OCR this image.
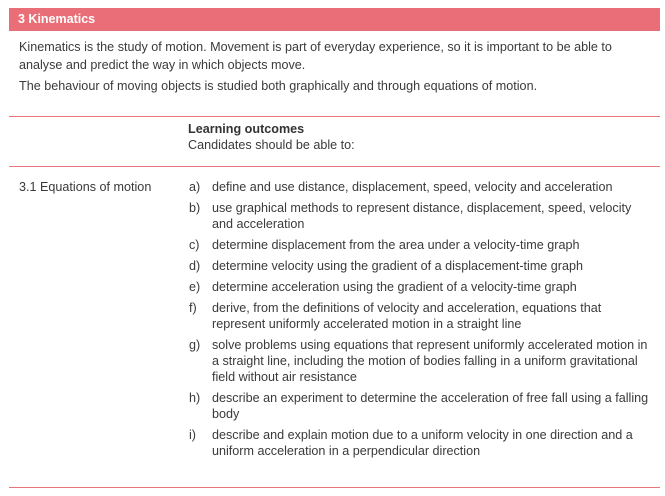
3 Kinematics

Kinematics is the study of motion. Movement is part of everyday experience, so it is important to be able to analyse and predict the way in which objects move.

The behaviour of moving objects is studied both graphically and through equations of motion.

Learning outcomes
Candidates should be able to:
3.1 Equations of motion	a) define and use distance, displacement, speed, velocity and acceleration
b) use graphical methods to represent distance, displacement, speed, velocity and acceleration
c) determine displacement from the area under a velocity-time graph
d) determine velocity using the gradient of a displacement-time graph
e) determine acceleration using the gradient of a velocity-time graph
f)	derive, from the definitions of velocity and acceleration, equations that represent uniformly accelerated motion in a straight line
g) solve problems using equations that represent uniformly accelerated motion in a straight line, including the motion of bodies falling in a uniform gravitational field without air resistance
h) describe an experiment to determine the acceleration of free fall using a falling body
i)	describe and explain motion due to a uniform velocity in one direction and a uniform acceleration in a perpendicular direction
